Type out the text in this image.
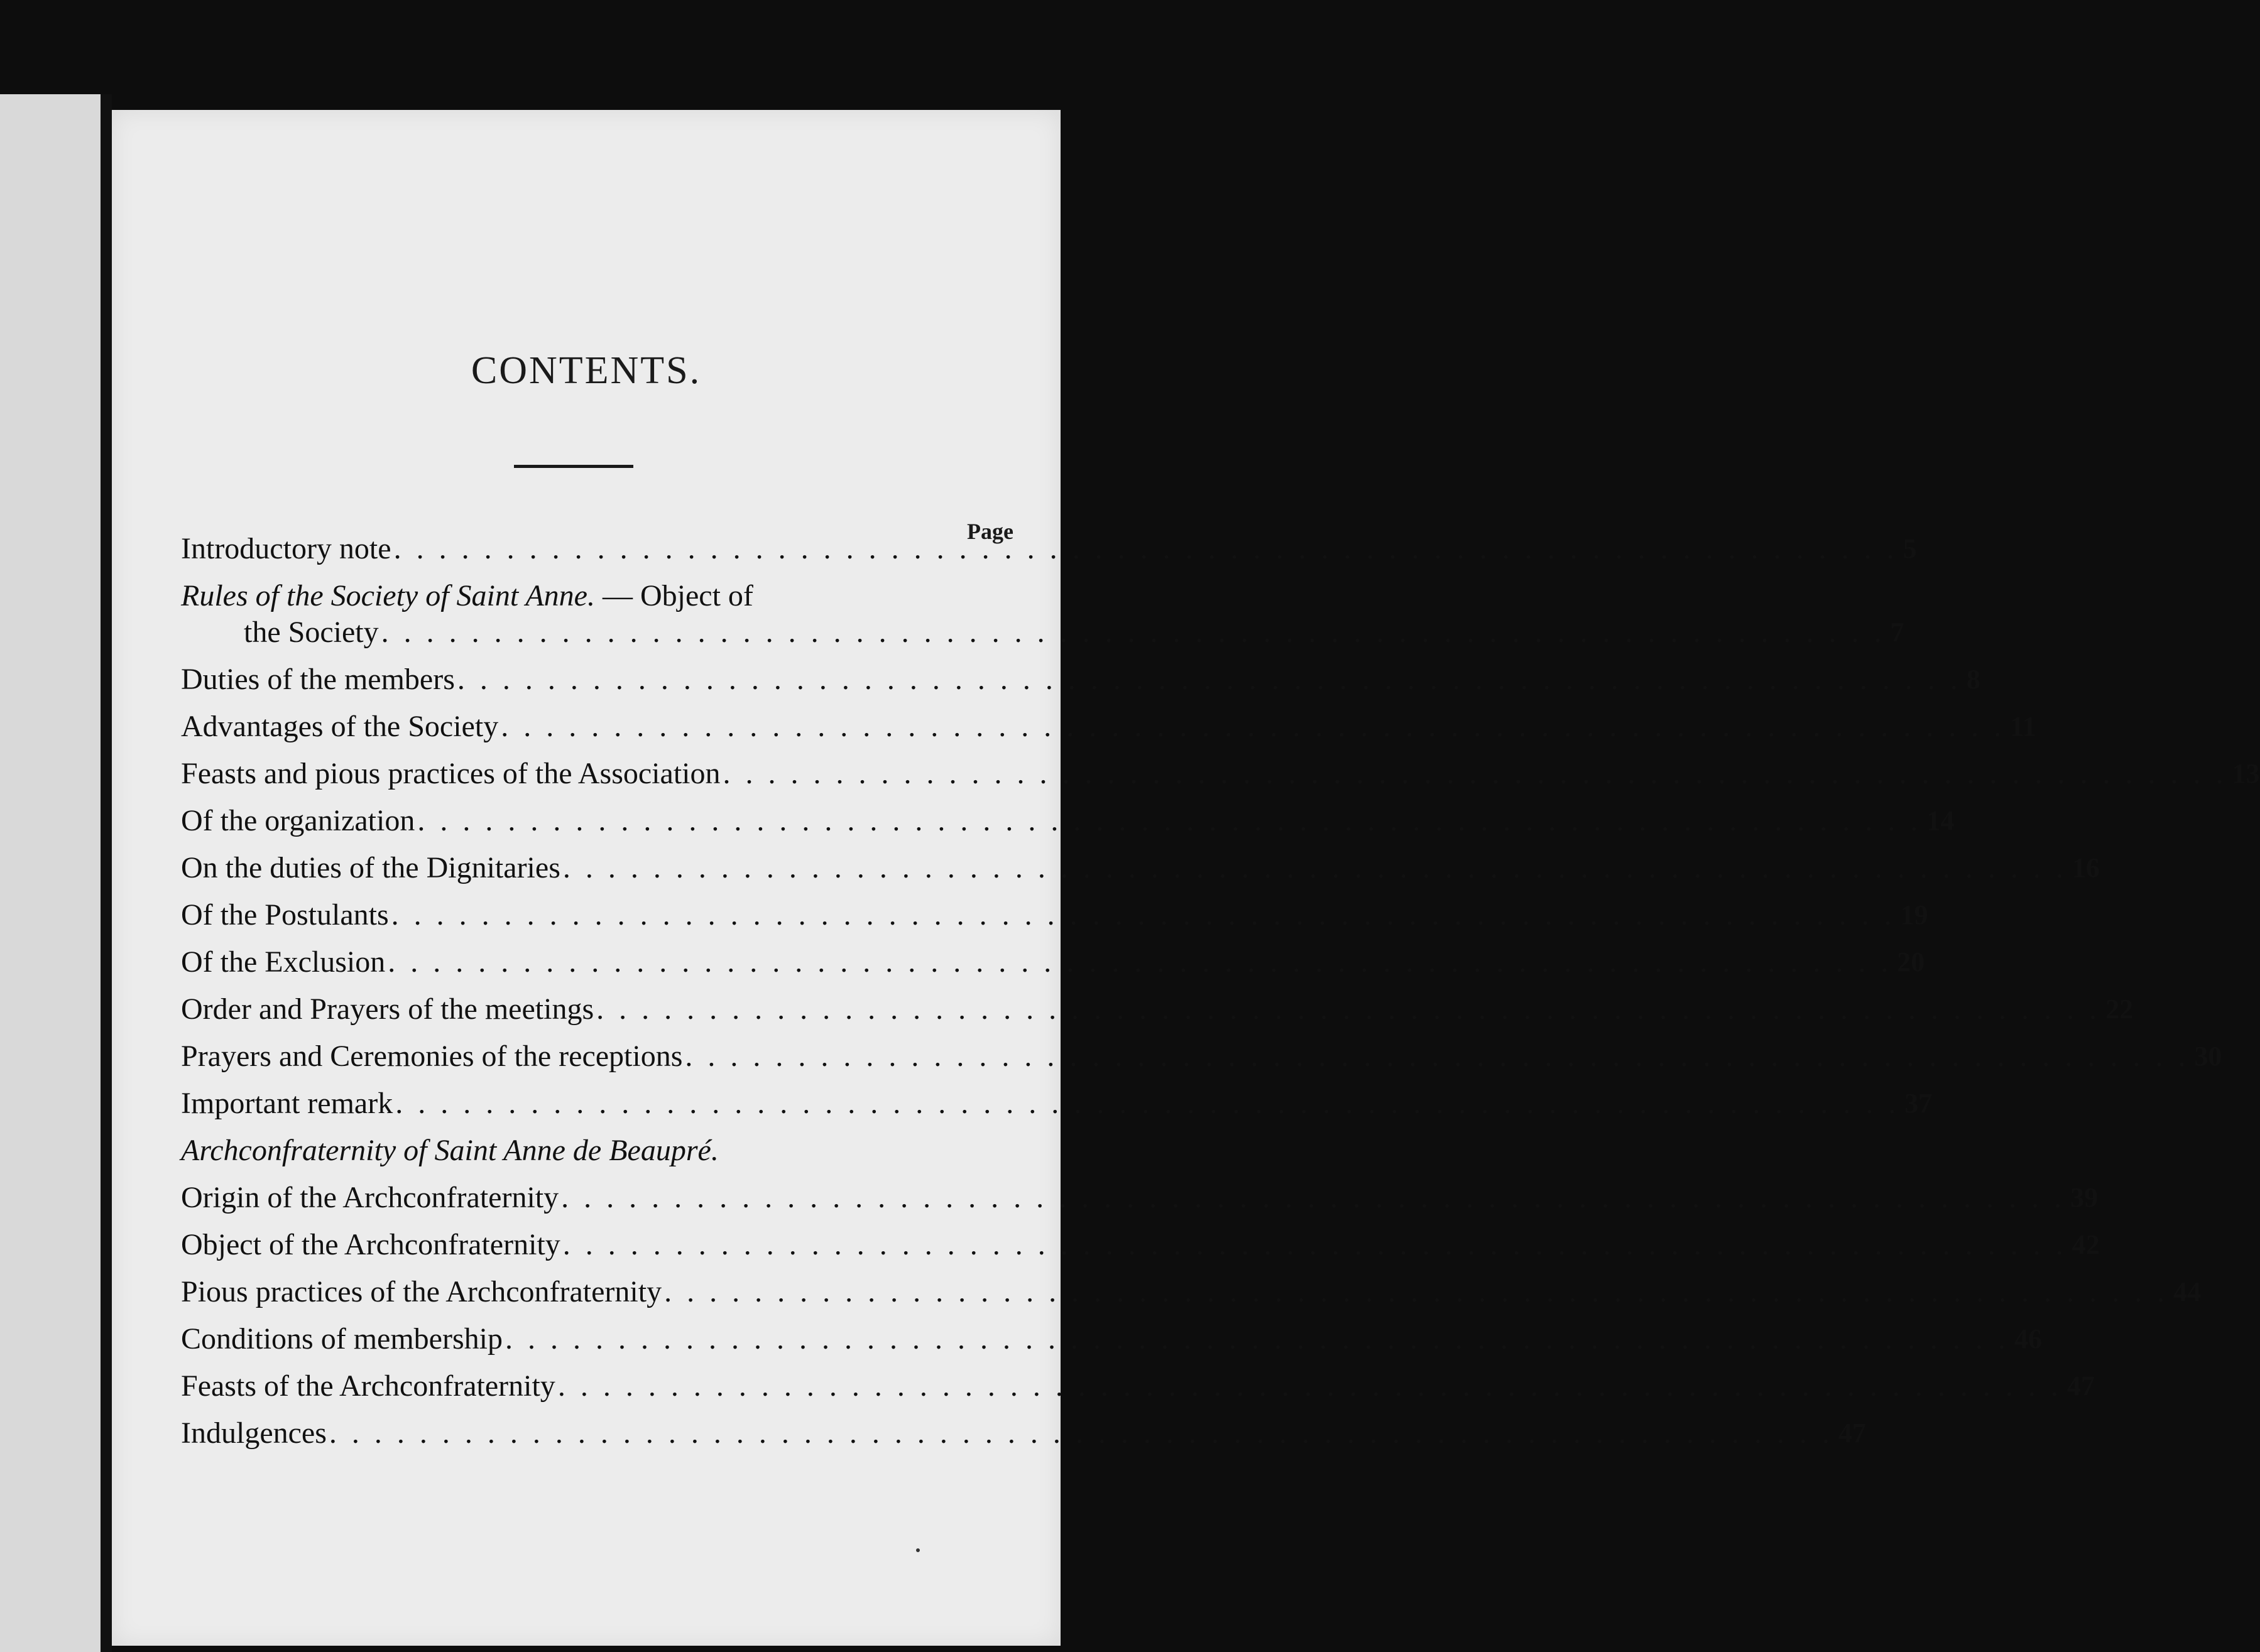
CONTENTS.
Page
Introductory note . . .	5
Rules of the Society of Saint Anne. — Object of
the Society . . .	7
Duties of the members . . .	8
Advantages of the Society . . .	11
Feasts and pious practices of the Association . . .	13
Of the organization . . .	14
On the duties of the Dignitaries . . .	16
Of the Postulants . . .	19
Of the Exclusion . . .	20
Order and Prayers of the meetings . . .	22
Prayers and Ceremonies of the receptions . . .	30
Important remark . . .	37
Archconfraternity of Saint Anne de Beaupré.
Origin of the Archconfraternity . . .	39
Object of the Archconfraternity . . .	42
Pious practices of the Archconfraternity . . .	44
Conditions of membership . . .	46
Feasts of the Archconfraternity . . .	47
Indulgences . . .	47
